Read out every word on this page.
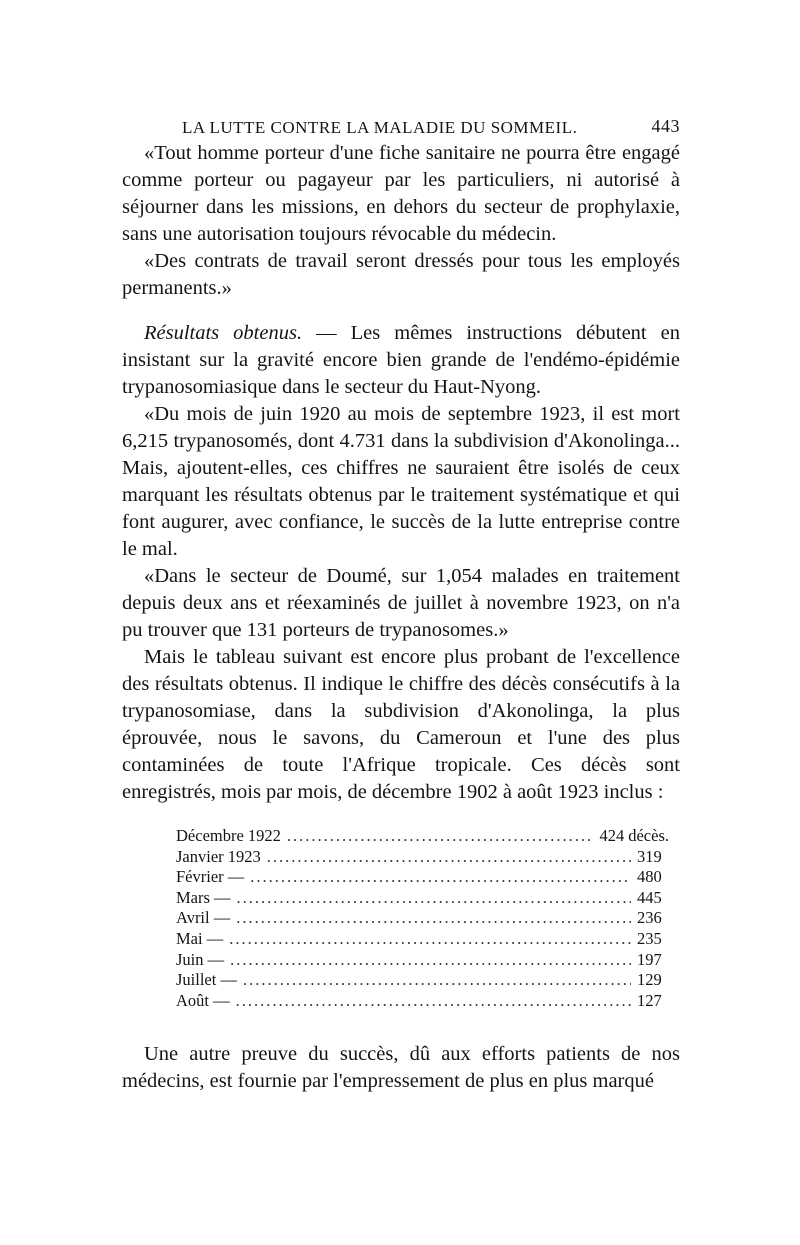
LA LUTTE CONTRE LA MALADIE DU SOMMEIL.	443

«Tout homme porteur d'une fiche sanitaire ne pourra être engagé comme porteur ou pagayeur par les particuliers, ni autorisé à séjourner dans les missions, en dehors du secteur de prophylaxie, sans une autorisation toujours révocable du médecin.

«Des contrats de travail seront dressés pour tous les employés permanents.»

Résultats obtenus. — Les mêmes instructions débutent en insistant sur la gravité encore bien grande de l'endémo-épidémie trypanosomiasique dans le secteur du Haut-Nyong.

«Du mois de juin 1920 au mois de septembre 1923, il est mort 6,215 trypanosomés, dont 4.731 dans la subdivision d'Akonolinga... Mais, ajoutent-elles, ces chiffres ne sauraient être isolés de ceux marquant les résultats obtenus par le traitement systématique et qui font augurer, avec confiance, le succès de la lutte entreprise contre le mal.

«Dans le secteur de Doumé, sur 1,054 malades en traitement depuis deux ans et réexaminés de juillet à novembre 1923, on n'a pu trouver que 131 porteurs de trypanosomes.»

Mais le tableau suivant est encore plus probant de l'excellence des résultats obtenus. Il indique le chiffre des décès consécutifs à la trypanosomiase, dans la subdivision d'Akonolinga, la plus éprouvée, nous le savons, du Cameroun et l'une des plus contaminées de toute l'Afrique tropicale. Ces décès sont enregistrés, mois par mois, de décembre 1902 à août 1923 inclus :

Décembre 1922 .....	424 décès.
Janvier 1923 .....	319
Février — .....	480
Mars — .....	445
Avril — .....	236
Mai — .....	235
Juin — .....	197
Juillet — .....	129
Août — .....	127

Une autre preuve du succès, dû aux efforts patients de nos médecins, est fournie par l'empressement de plus en plus marqué
